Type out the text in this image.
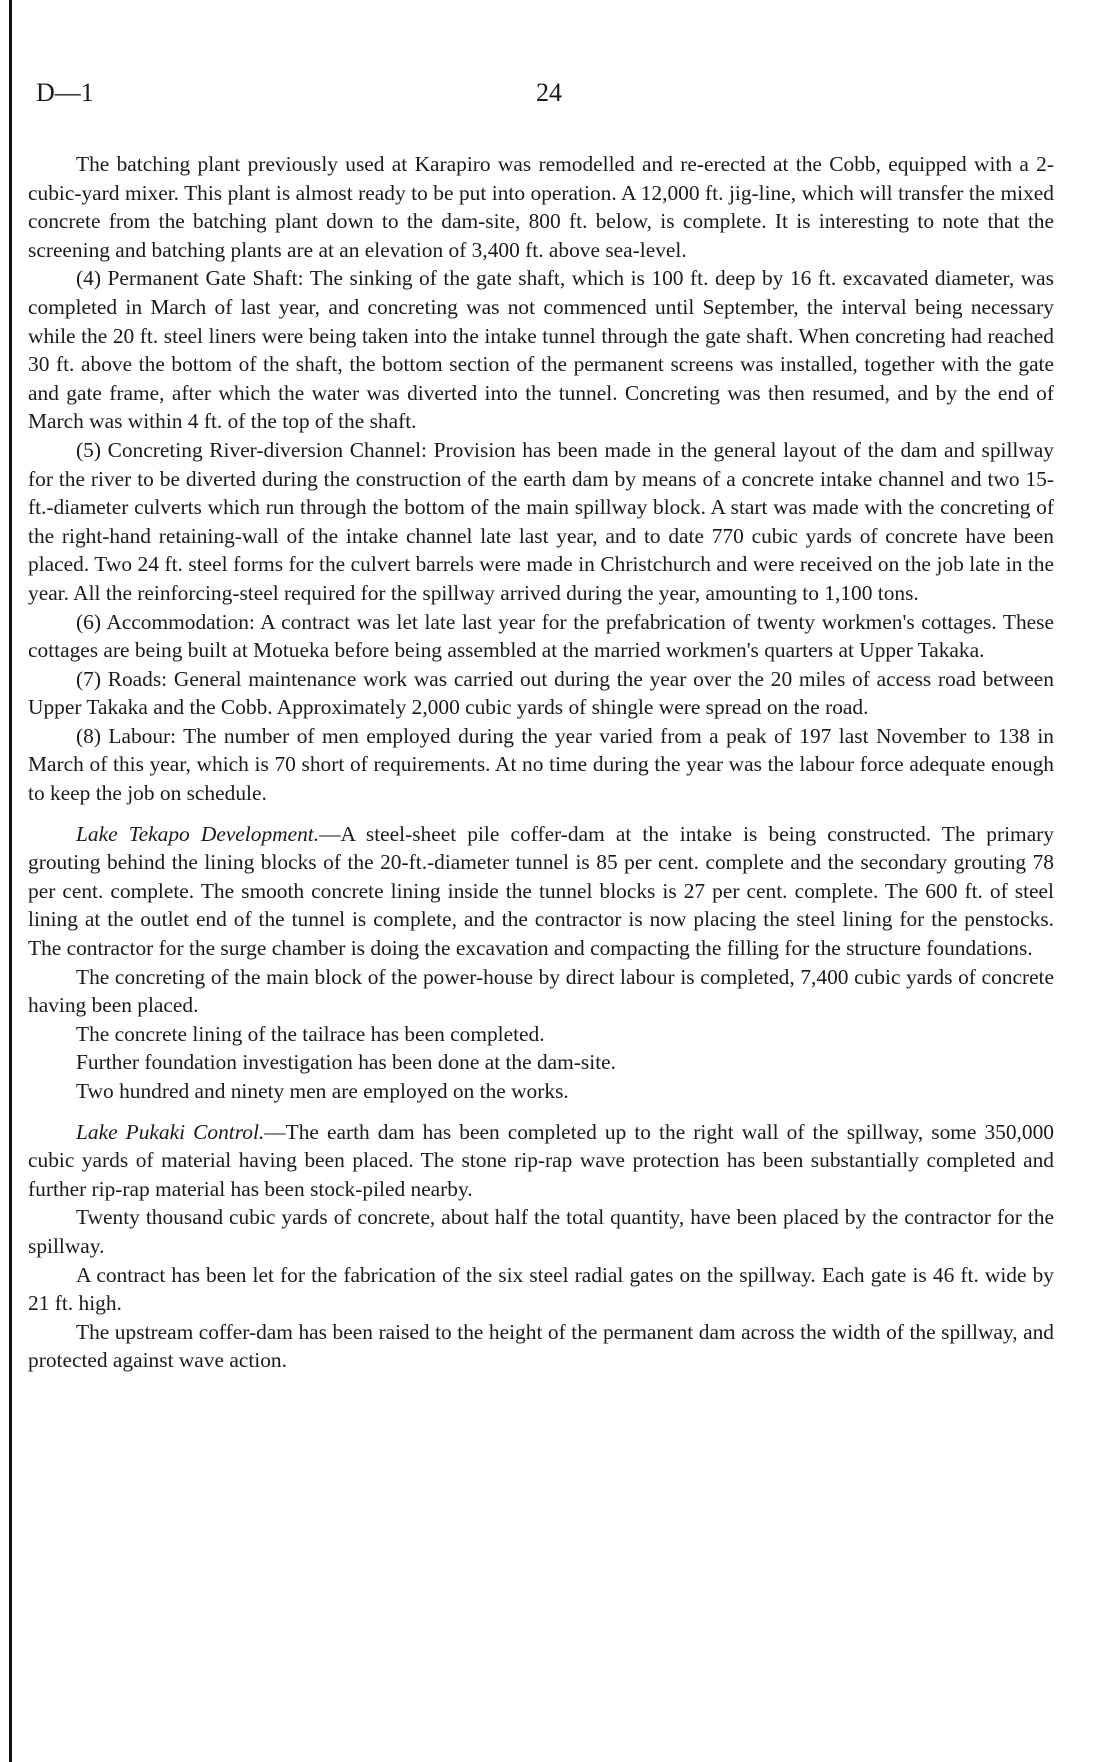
D—1	24

The batching plant previously used at Karapiro was remodelled and re-erected at the Cobb, equipped with a 2-cubic-yard mixer. This plant is almost ready to be put into operation. A 12,000 ft. jig-line, which will transfer the mixed concrete from the batching plant down to the dam-site, 800 ft. below, is complete. It is interesting to note that the screening and batching plants are at an elevation of 3,400 ft. above sea-level.

(4) Permanent Gate Shaft: The sinking of the gate shaft, which is 100 ft. deep by 16 ft. excavated diameter, was completed in March of last year, and concreting was not commenced until September, the interval being necessary while the 20 ft. steel liners were being taken into the intake tunnel through the gate shaft. When concreting had reached 30 ft. above the bottom of the shaft, the bottom section of the permanent screens was installed, together with the gate and gate frame, after which the water was diverted into the tunnel. Concreting was then resumed, and by the end of March was within 4 ft. of the top of the shaft.

(5) Concreting River-diversion Channel: Provision has been made in the general layout of the dam and spillway for the river to be diverted during the construction of the earth dam by means of a concrete intake channel and two 15-ft.-diameter culverts which run through the bottom of the main spillway block. A start was made with the concreting of the right-hand retaining-wall of the intake channel late last year, and to date 770 cubic yards of concrete have been placed. Two 24 ft. steel forms for the culvert barrels were made in Christchurch and were received on the job late in the year. All the reinforcing-steel required for the spillway arrived during the year, amounting to 1,100 tons.

(6) Accommodation: A contract was let late last year for the prefabrication of twenty workmen's cottages. These cottages are being built at Motueka before being assembled at the married workmen's quarters at Upper Takaka.

(7) Roads: General maintenance work was carried out during the year over the 20 miles of access road between Upper Takaka and the Cobb. Approximately 2,000 cubic yards of shingle were spread on the road.

(8) Labour: The number of men employed during the year varied from a peak of 197 last November to 138 in March of this year, which is 70 short of requirements. At no time during the year was the labour force adequate enough to keep the job on schedule.

Lake Tekapo Development.—A steel-sheet pile coffer-dam at the intake is being constructed. The primary grouting behind the lining blocks of the 20-ft.-diameter tunnel is 85 per cent. complete and the secondary grouting 78 per cent. complete. The smooth concrete lining inside the tunnel blocks is 27 per cent. complete. The 600 ft. of steel lining at the outlet end of the tunnel is complete, and the contractor is now placing the steel lining for the penstocks. The contractor for the surge chamber is doing the excavation and compacting the filling for the structure foundations.

The concreting of the main block of the power-house by direct labour is completed, 7,400 cubic yards of concrete having been placed.

The concrete lining of the tailrace has been completed.

Further foundation investigation has been done at the dam-site.

Two hundred and ninety men are employed on the works.

Lake Pukaki Control.—The earth dam has been completed up to the right wall of the spillway, some 350,000 cubic yards of material having been placed. The stone rip-rap wave protection has been substantially completed and further rip-rap material has been stock-piled nearby.

Twenty thousand cubic yards of concrete, about half the total quantity, have been placed by the contractor for the spillway.

A contract has been let for the fabrication of the six steel radial gates on the spillway. Each gate is 46 ft. wide by 21 ft. high.

The upstream coffer-dam has been raised to the height of the permanent dam across the width of the spillway, and protected against wave action.
